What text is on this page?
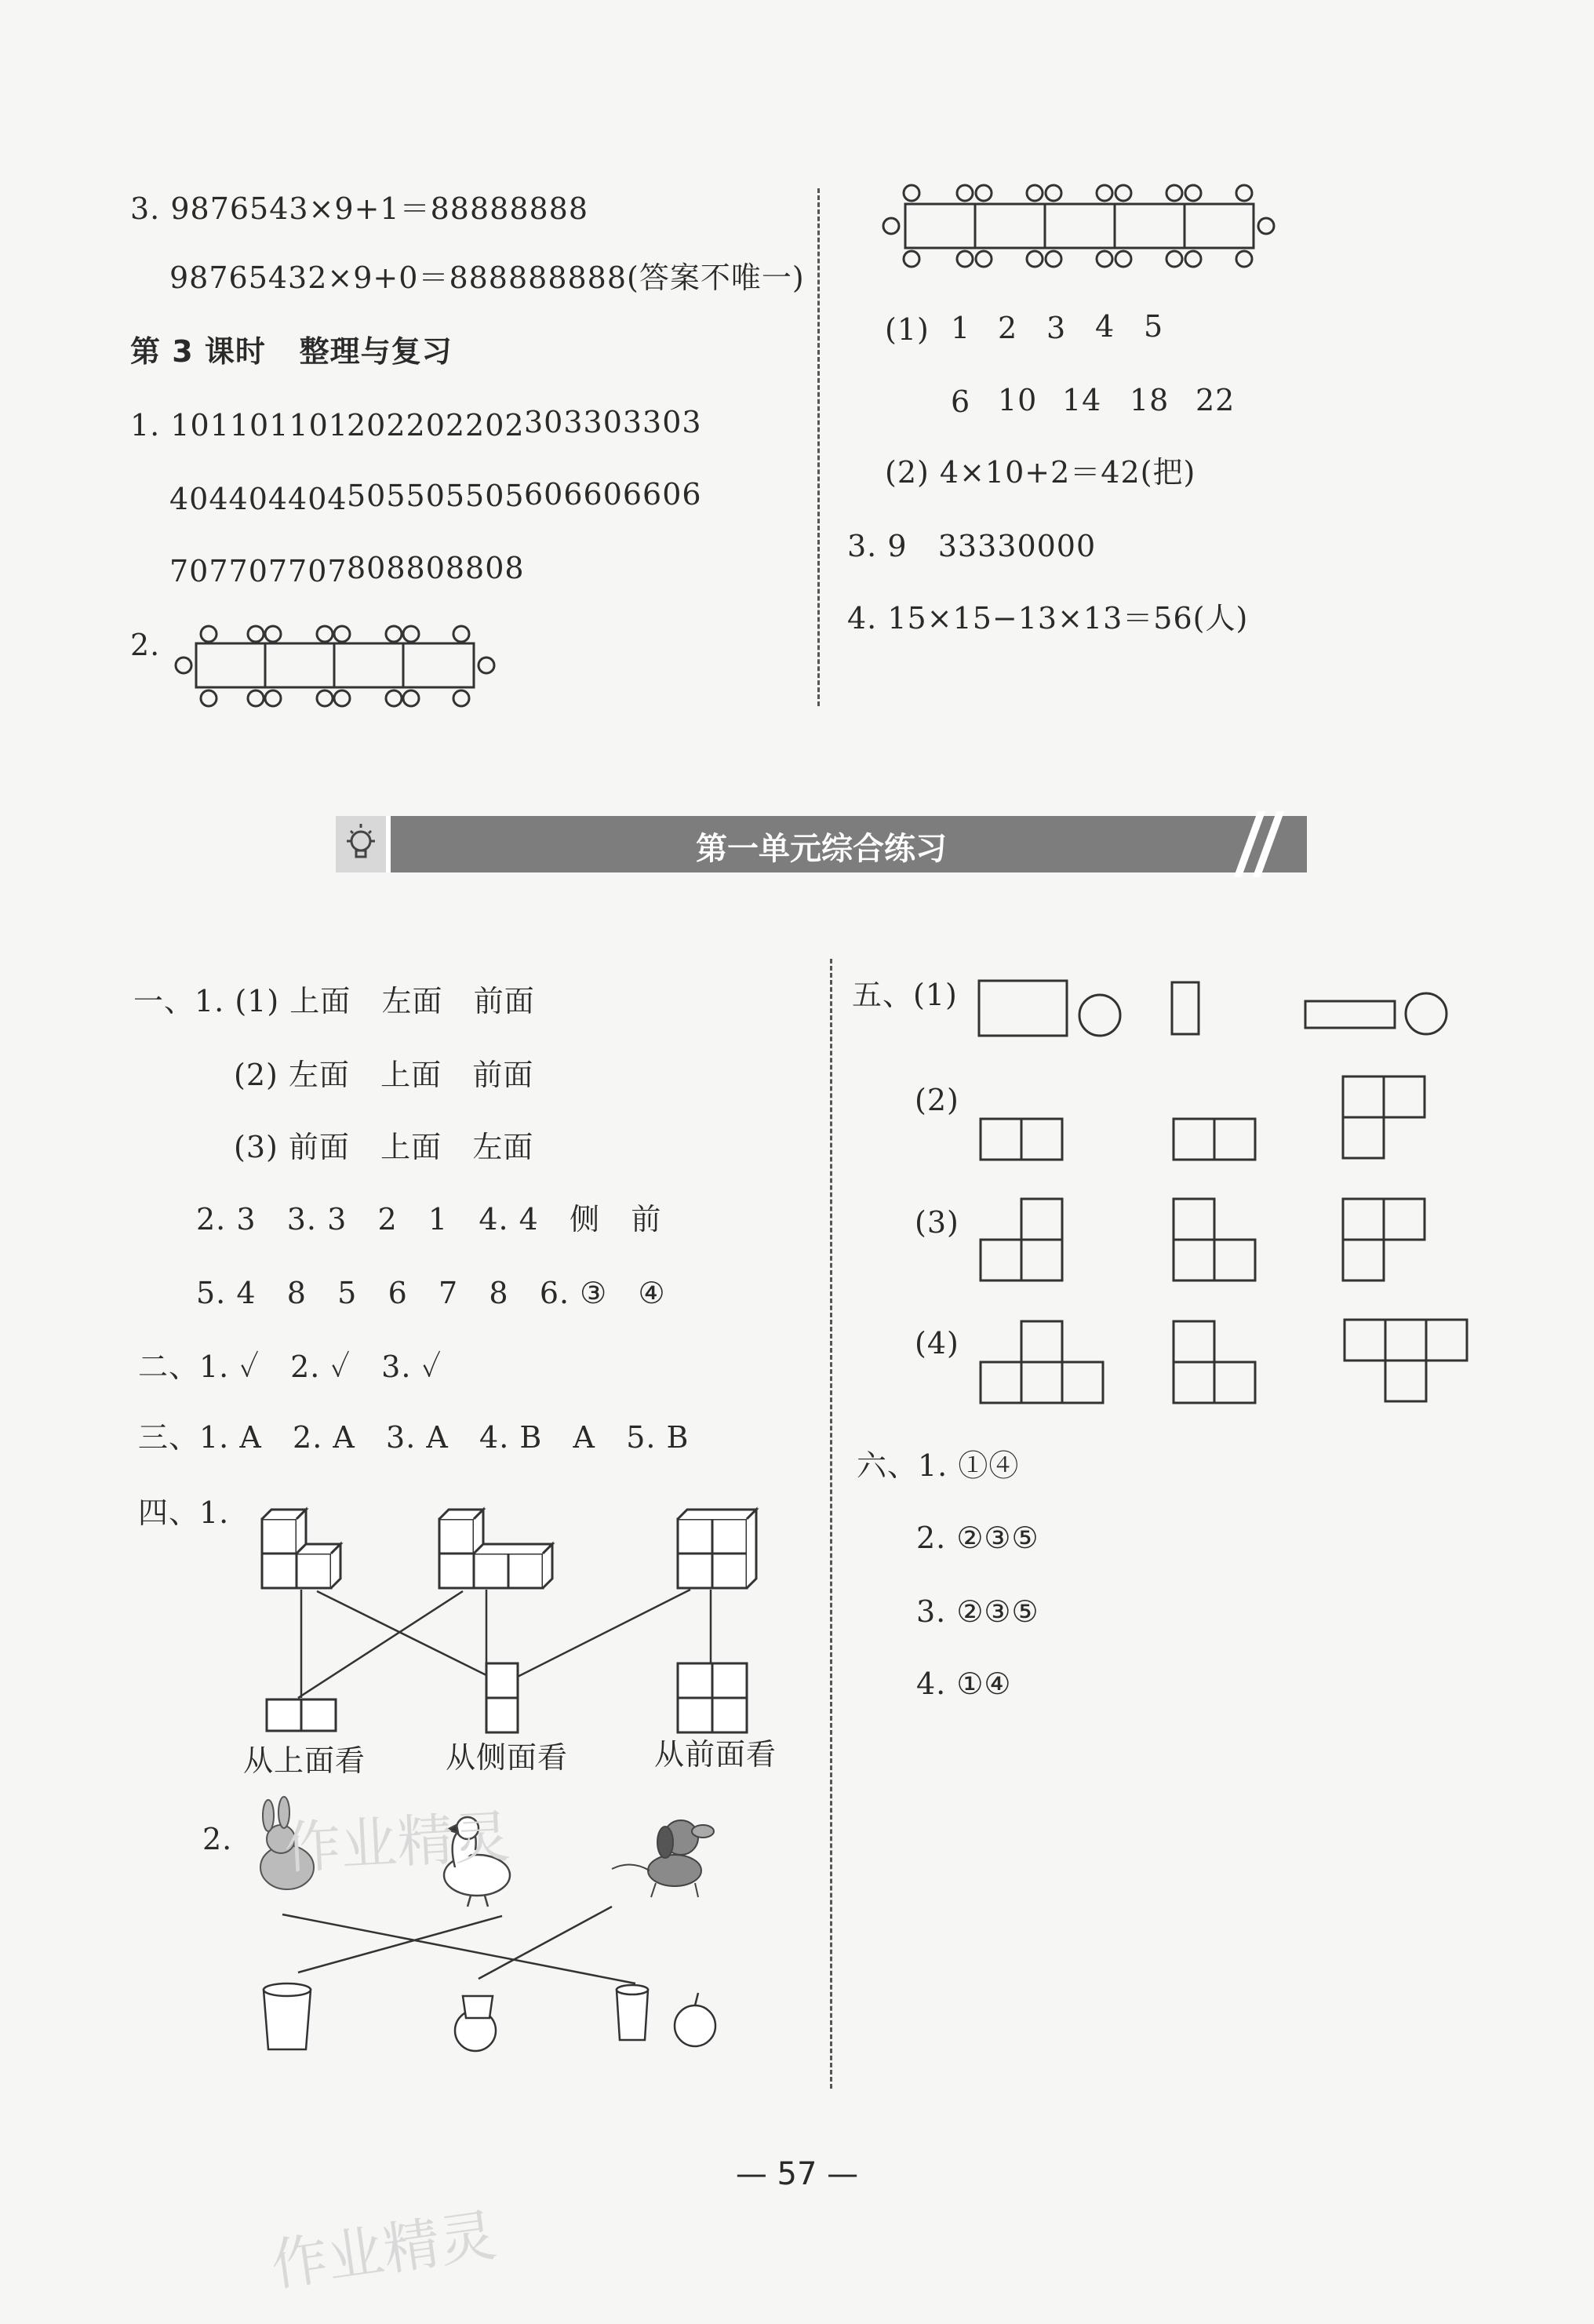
3. 9876543×9+1＝88888888
98765432×9+0＝888888888(答案不唯一)
第 3 课时   整理与复习
1. 101101101
202202202 303303303
404404404 505505505 606606606
707707707 808808808
2.
(1) 1 2 3 4 5
6 10 14 18 22
(2) 4×10+2＝42(把)
3. 9   33330000
4. 15×15−13×13＝56(人)
第一单元综合练习
一、1. (1) 上面   左面   前面
(2) 左面   上面   前面
(3) 前面   上面   左面
2. 3   3. 3   2   1   4. 4   侧   前
5. 4   8   5   6   7   8   6. ③   ④
二、1. ✓   2. ✓   3. ✓
三、1. A   2. A   3. A   4. B   A   5. B
四、1.
从上面看	从侧面看	从前面看
2.
五、(1)
(2)
(3)
(4)
六、1. ①④
2. ②③⑤
3. ②③⑤
4. ①④
作业精灵
作业精灵
— 57 —
